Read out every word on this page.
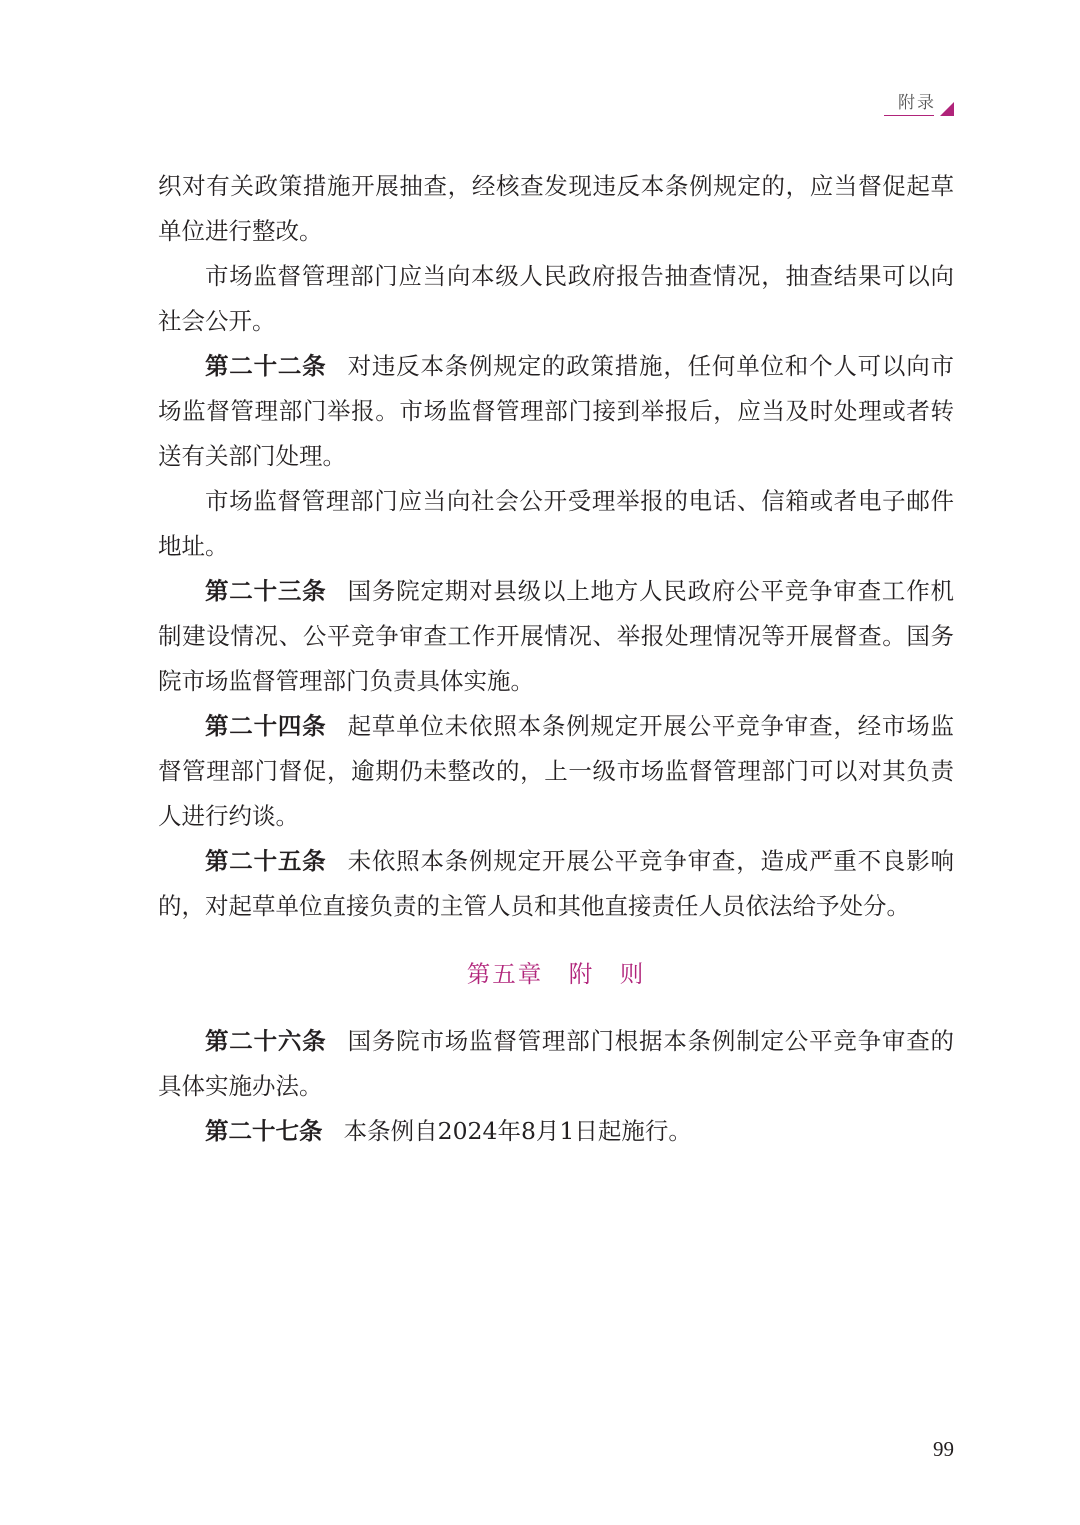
附录

织对有关政策措施开展抽查，经核查发现违反本条例规定的，应当督促起草单位进行整改。

市场监督管理部门应当向本级人民政府报告抽查情况，抽查结果可以向社会公开。

第二十二条 对违反本条例规定的政策措施，任何单位和个人可以向市场监督管理部门举报。市场监督管理部门接到举报后，应当及时处理或者转送有关部门处理。

市场监督管理部门应当向社会公开受理举报的电话、信箱或者电子邮件地址。

第二十三条 国务院定期对县级以上地方人民政府公平竞争审查工作机制建设情况、公平竞争审查工作开展情况、举报处理情况等开展督查。国务院市场监督管理部门负责具体实施。

第二十四条 起草单位未依照本条例规定开展公平竞争审查，经市场监督管理部门督促，逾期仍未整改的，上一级市场监督管理部门可以对其负责人进行约谈。

第二十五条 未依照本条例规定开展公平竞争审查，造成严重不良影响的，对起草单位直接负责的主管人员和其他直接责任人员依法给予处分。

第五章　附　则

第二十六条 国务院市场监督管理部门根据本条例制定公平竞争审查的具体实施办法。

第二十七条 本条例自2024年8月1日起施行。

99
